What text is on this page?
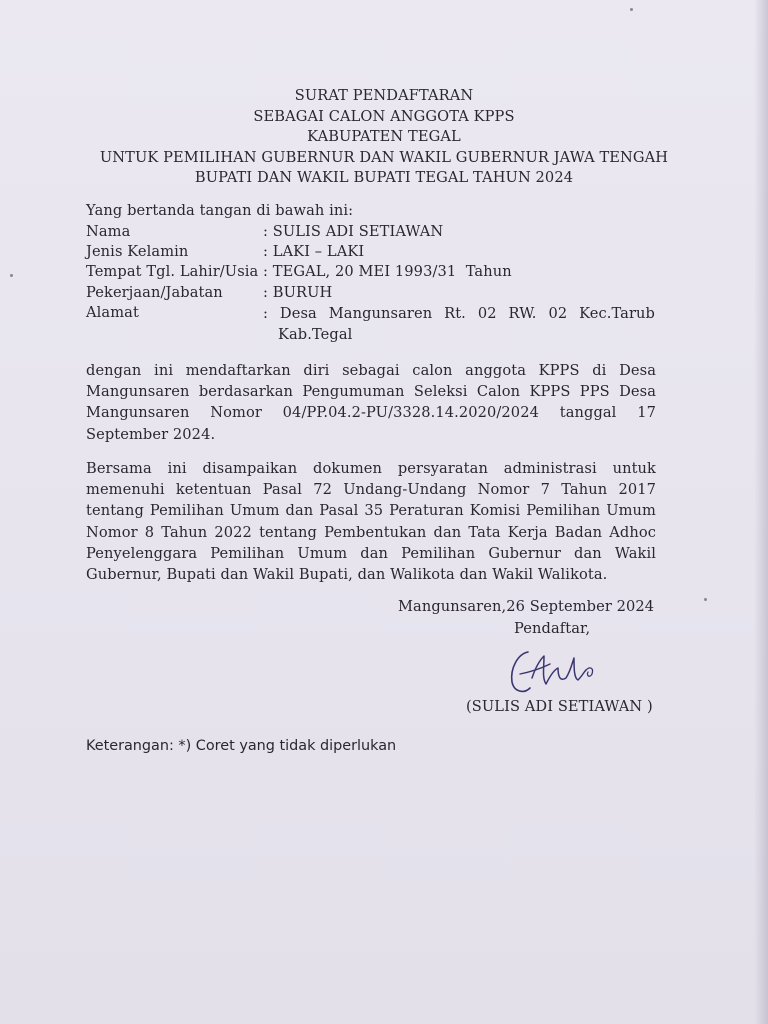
SURAT PENDAFTARAN
SEBAGAI CALON ANGGOTA KPPS
KABUPATEN TEGAL
UNTUK PEMILIHAN GUBERNUR DAN WAKIL GUBERNUR JAWA TENGAH
BUPATI DAN WAKIL BUPATI TEGAL TAHUN 2024
Yang bertanda tangan di bawah ini:
Nama	: SULIS ADI SETIAWAN
Jenis Kelamin	: LAKI – LAKI
Tempat Tgl. Lahir/Usia : TEGAL, 20 MEI 1993/31  Tahun
Pekerjaan/Jabatan	: BURUH
Alamat	: Desa Mangunsaren Rt. 02 RW. 02 Kec.Tarub
Kab.Tegal
dengan ini mendaftarkan diri sebagai calon anggota KPPS di Desa Mangunsaren berdasarkan Pengumuman Seleksi Calon KPPS PPS Desa Mangunsaren Nomor 04/PP.04.2-PU/3328.14.2020/2024 tanggal 17 September 2024.
Bersama ini disampaikan dokumen persyaratan administrasi untuk memenuhi ketentuan Pasal 72 Undang-Undang Nomor 7 Tahun 2017 tentang Pemilihan Umum dan Pasal 35 Peraturan Komisi Pemilihan Umum Nomor 8 Tahun 2022 tentang Pembentukan dan Tata Kerja Badan Adhoc Penyelenggara Pemilihan Umum dan Pemilihan Gubernur dan Wakil Gubernur, Bupati dan Wakil Bupati, dan Walikota dan Wakil Walikota.
Mangunsaren,26 September 2024
Pendaftar,
(SULIS ADI SETIAWAN )
Keterangan: *) Coret yang tidak diperlukan
